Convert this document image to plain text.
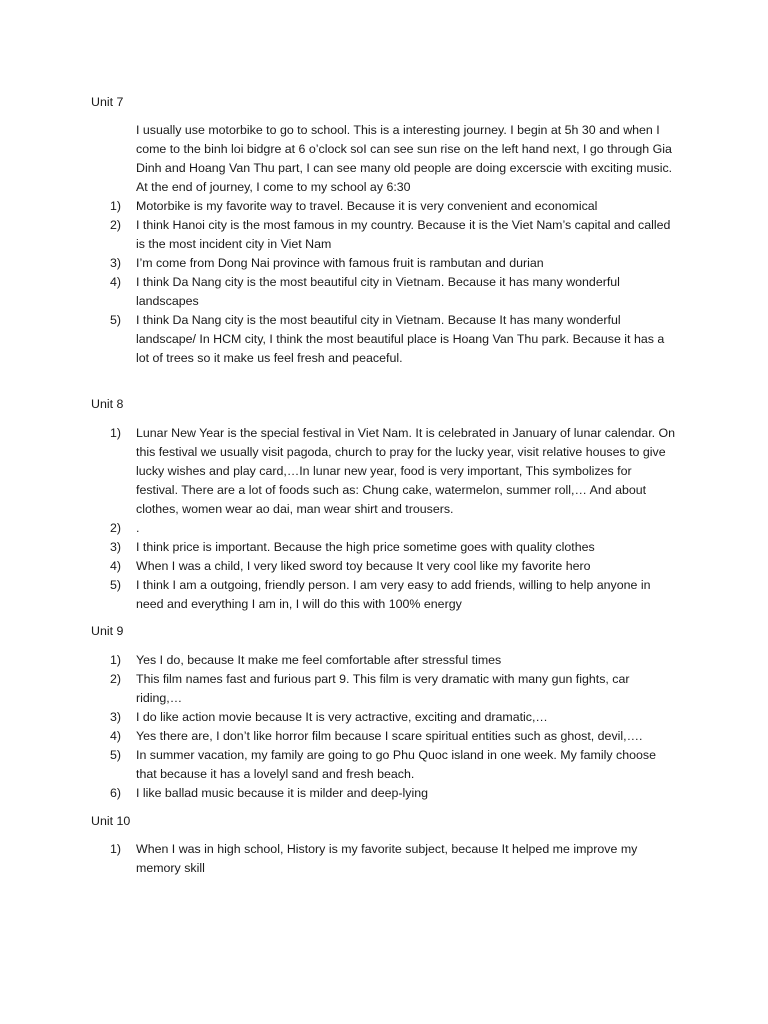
Unit 7

I usually use motorbike to go to school. This is a interesting journey. I begin at 5h 30 and when I come to the binh loi bidgre at 6 o’clock soI can see sun rise on the left hand next, I go through Gia Dinh and Hoang Van Thu part, I can see many old people are doing excerscie with exciting music. At the end of journey, I come to my school ay 6:30

1) Motorbike is my favorite way to travel. Because it is very convenient and economical
2) I think Hanoi city is the most famous in my country. Because it is the Viet Nam’s capital and called is the most incident city in Viet Nam
3) I’m come from Dong Nai province with famous fruit is rambutan and durian
4) I think Da Nang city is the most beautiful city in Vietnam. Because it has many wonderful landscapes
5) I think Da Nang city is the most beautiful city in Vietnam. Because It has many wonderful landscape/ In HCM city, I think the most beautiful place is Hoang Van Thu park. Because it has a lot of trees so it make us feel fresh and peaceful.
Unit 8
1) Lunar New Year is the special festival in Viet Nam. It is celebrated in January of lunar calendar. On this festival we usually visit pagoda, church to pray for the lucky year, visit relative houses to give lucky wishes and play card,…In lunar new year, food is very important, This symbolizes for festival. There are a lot of foods such as: Chung cake, watermelon, summer roll,… And about clothes, women wear ao dai, man wear shirt and trousers.
2) .
3) I think price is important. Because the high price sometime goes with quality clothes
4) When I was a child, I very liked sword toy because It very cool like my favorite hero
5) I think I am a outgoing, friendly person. I am very easy to add friends, willing to help anyone in need and everything I am in, I will do this with 100% energy
Unit 9
1) Yes I do, because It make me feel comfortable after stressful times
2) This film names fast and furious part 9. This film is very dramatic with many gun fights, car riding,…
3) I do like action movie because It is very actractive, exciting and dramatic,…
4) Yes there are, I don’t like horror film because I scare spiritual entities such as ghost, devil,….
5) In summer vacation, my family are going to go Phu Quoc island in one week. My family choose that because it has a lovelyl sand and fresh beach.
6) I like ballad music because it is milder and deep-lying
Unit 10
1) When I was in high school, History is my favorite subject, because It helped me improve my memory skill
